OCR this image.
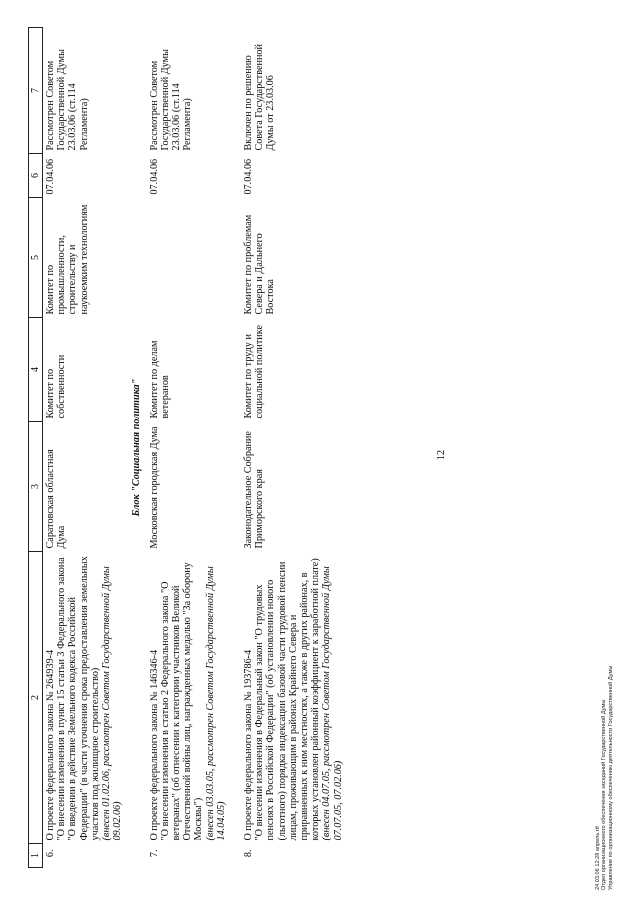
12
1	2	3	4	5	6	7
6.	О проекте федерального закона № 264939-4 "О внесении изменения в пункт 15 статьи 3 Федерального закона "О введении в действие Земельного кодекса Российской Федерации" (в части уточнения срока предоставления земельных участков под жилищное строительство) (внесен 01.02.06, рассмотрен Советом Государственной Думы 09.02.06)	Саратовская областная Дума	Комитет по собственности	Комитет по промышленности, строительству и наукоемким технологиям	07.04.06	Рассмотрен Советом Государственной Думы 23.03.06 (ст.114 Регламента)
Блок "Социальная политика"						
7.	О проекте федерального закона № 146346-4 "О внесении изменения в статью 2 Федерального закона "О ветеранах" (об отнесении к категории участников Великой Отечественной войны лиц, награжденных медалью "За оборону Москвы") (внесен 03.03.05, рассмотрен Советом Государственной Думы 14.04.05)	Московская городская Дума	Комитет по делам ветеранов		07.04.06	Рассмотрен Советом Государственной Думы 23.03.06 (ст.114 Регламента)
8.	О проекте федерального закона № 193786-4 "О внесении изменения в Федеральный закон "О трудовых пенсиях в Российской Федерации" (об установлении нового (льготного) порядка индексации базовой части трудовой пенсии лицам, проживающим в районах Крайнего Севера и приравненных к ним местностях, а также в других районах, в которых установлен районный коэффициент к заработной плате) (внесен 04.07.05, рассмотрен Советом Государственной Думы 07.07.05, 07.02.06)	Законодательное Собрание Приморского края	Комитет по труду и социальной политике	Комитет по проблемам Севера и Дальнего Востока	07.04.06	Включен по решению Совета Государственной Думы от 23.03.06
24.03.06 12:28 апрель.rtf Отдел организационного обеспечения заседаний Государственной Думы Управление по организационному обеспечению деятельности Государственной Думы
